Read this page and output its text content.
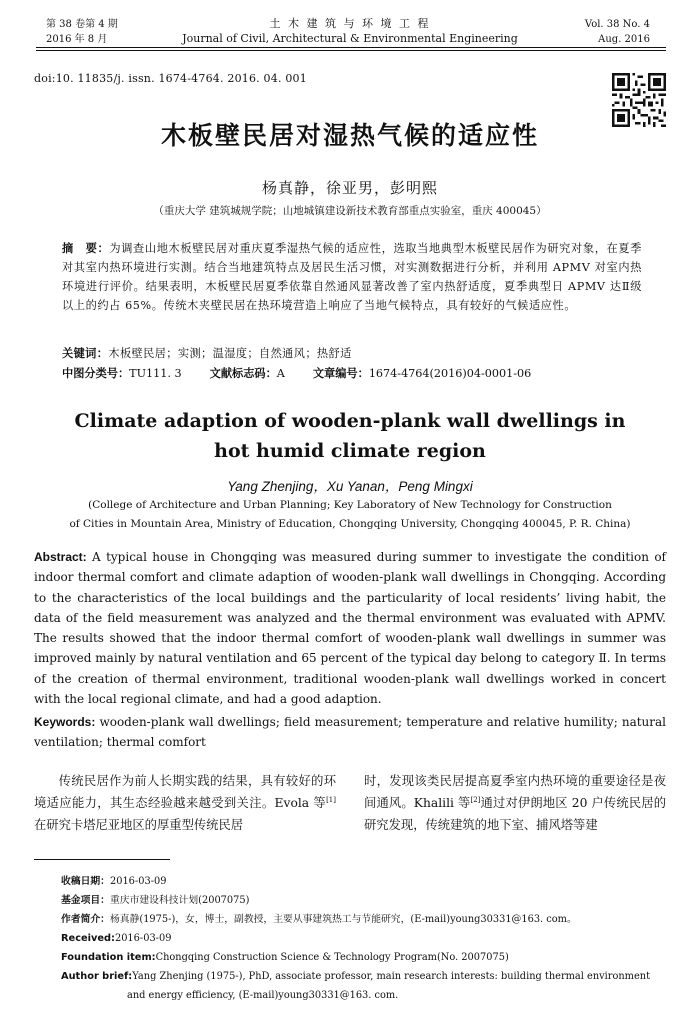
第 38 卷第 4 期
2016 年 8 月
土 木 建 筑 与 环 境 工 程
Journal of Civil, Architectural & Environmental Engineering
Vol. 38 No. 4
Aug. 2016
doi:10. 11835/j. issn. 1674-4764. 2016. 04. 001
木板壁民居对湿热气候的适应性
杨真静，徐亚男，彭明熙
（重庆大学 建筑城规学院；山地城镇建设新技术教育部重点实验室，重庆 400045）
摘　要：为调查山地木板壁民居对重庆夏季湿热气候的适应性，选取当地典型木板壁民居作为研究对象，在夏季对其室内热环境进行实测。结合当地建筑特点及居民生活习惯，对实测数据进行分析，并利用 APMV 对室内热环境进行评价。结果表明，木板壁民居夏季依靠自然通风显著改善了室内热舒适度，夏季典型日 APMV 达Ⅱ级以上的约占 65%。传统木夹壁民居在热环境营造上响应了当地气候特点，具有较好的气候适应性。
关键词：木板壁民居；实测；温湿度；自然通风；热舒适
中图分类号：TU111. 3	文献标志码：A	文章编号：1674-4764(2016)04-0001-06
Climate adaption of wooden-plank wall dwellings in
hot humid climate region
Yang Zhenjing，Xu Yanan，Peng Mingxi
(College of Architecture and Urban Planning; Key Laboratory of New Technology for Construction
of Cities in Mountain Area, Ministry of Education, Chongqing University, Chongqing 400045, P. R. China)
Abstract: A typical house in Chongqing was measured during summer to investigate the condition of indoor thermal comfort and climate adaption of wooden-plank wall dwellings in Chongqing. According to the characteristics of the local buildings and the particularity of local residents’ living habit, the data of the field measurement was analyzed and the thermal environment was evaluated with APMV. The results showed that the indoor thermal comfort of wooden-plank wall dwellings in summer was improved mainly by natural ventilation and 65 percent of the typical day belong to category Ⅱ. In terms of the creation of thermal environment, traditional wooden-plank wall dwellings worked in concert with the local regional climate, and had a good adaption.
Keywords: wooden-plank wall dwellings; field measurement; temperature and relative humility; natural ventilation; thermal comfort

传统民居作为前人长期实践的结果，具有较好的环境适应能力，其生态经验越来越受到关注。Evola 等[1]在研究卡塔尼亚地区的厚重型传统民居

时，发现该类民居提高夏季室内热环境的重要途径是夜间通风。Khalili 等[2]通过对伊朗地区 20 户传统民居的研究发现，传统建筑的地下室、捕风塔等建

收稿日期：2016-03-09
基金项目：重庆市建设科技计划(2007075)
作者简介：杨真静(1975-)，女，博士，副教授，主要从事建筑热工与节能研究，(E-mail)young30331@163. com。
Received:2016-03-09
Foundation item:Chongqing Construction Science & Technology Program(No. 2007075)
Author brief:Yang Zhenjing (1975-), PhD, associate professor, main research interests: building thermal environment
and energy efficiency, (E-mail)young30331@163. com.
